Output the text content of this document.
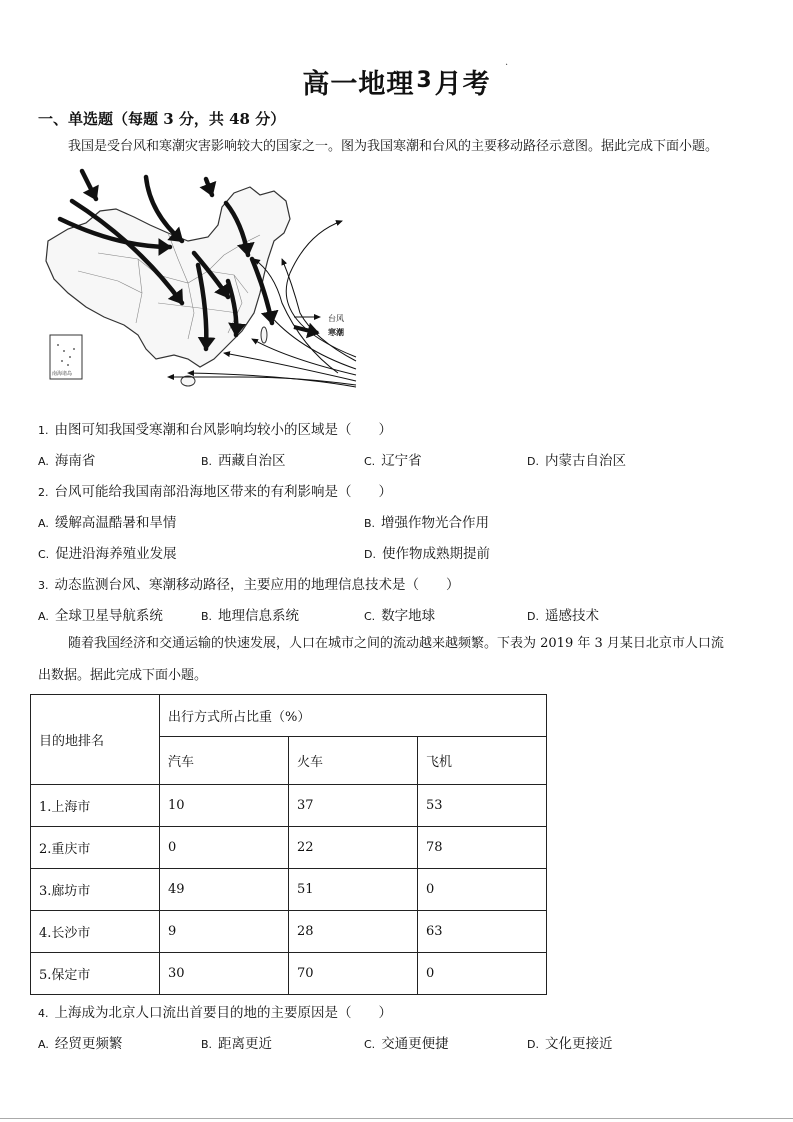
高一地理$^3$月考
·
一、单选题（每题 3 分，共 48 分）
我国是受台风和寒潮灾害影响较大的国家之一。图为我国寒潮和台风的主要移动路径示意图。据此完成下面小题。
南海诸岛
台风
寒潮
1. 由图可知我国受寒潮和台风影响均较小的区域是（　　）
A. 海南省	B. 西藏自治区	C. 辽宁省	D. 内蒙古自治区
2. 台风可能给我国南部沿海地区带来的有利影响是（　　）
A. 缓解高温酷暑和旱情	B. 增强作物光合作用
C. 促进沿海养殖业发展	D. 使作物成熟期提前
3. 动态监测台风、寒潮移动路径，主要应用的地理信息技术是（　　）
A. 全球卫星导航系统	B. 地理信息系统	C. 数字地球	D. 遥感技术
随着我国经济和交通运输的快速发展，人口在城市之间的流动越来越频繁。下表为 2019 年 3 月某日北京市人口流
出数据。据此完成下面小题。
目的地排名	出行方式所占比重（%）		
	汽车	火车	飞机
1.上海市	10	37	53
2.重庆市	0	22	78
3.廊坊市	49	51	0
4.长沙市	9	28	63
5.保定市	30	70	0
4. 上海成为北京人口流出首要目的地的主要原因是（　　）
A. 经贸更频繁	B. 距离更近	C. 交通更便捷	D. 文化更接近
